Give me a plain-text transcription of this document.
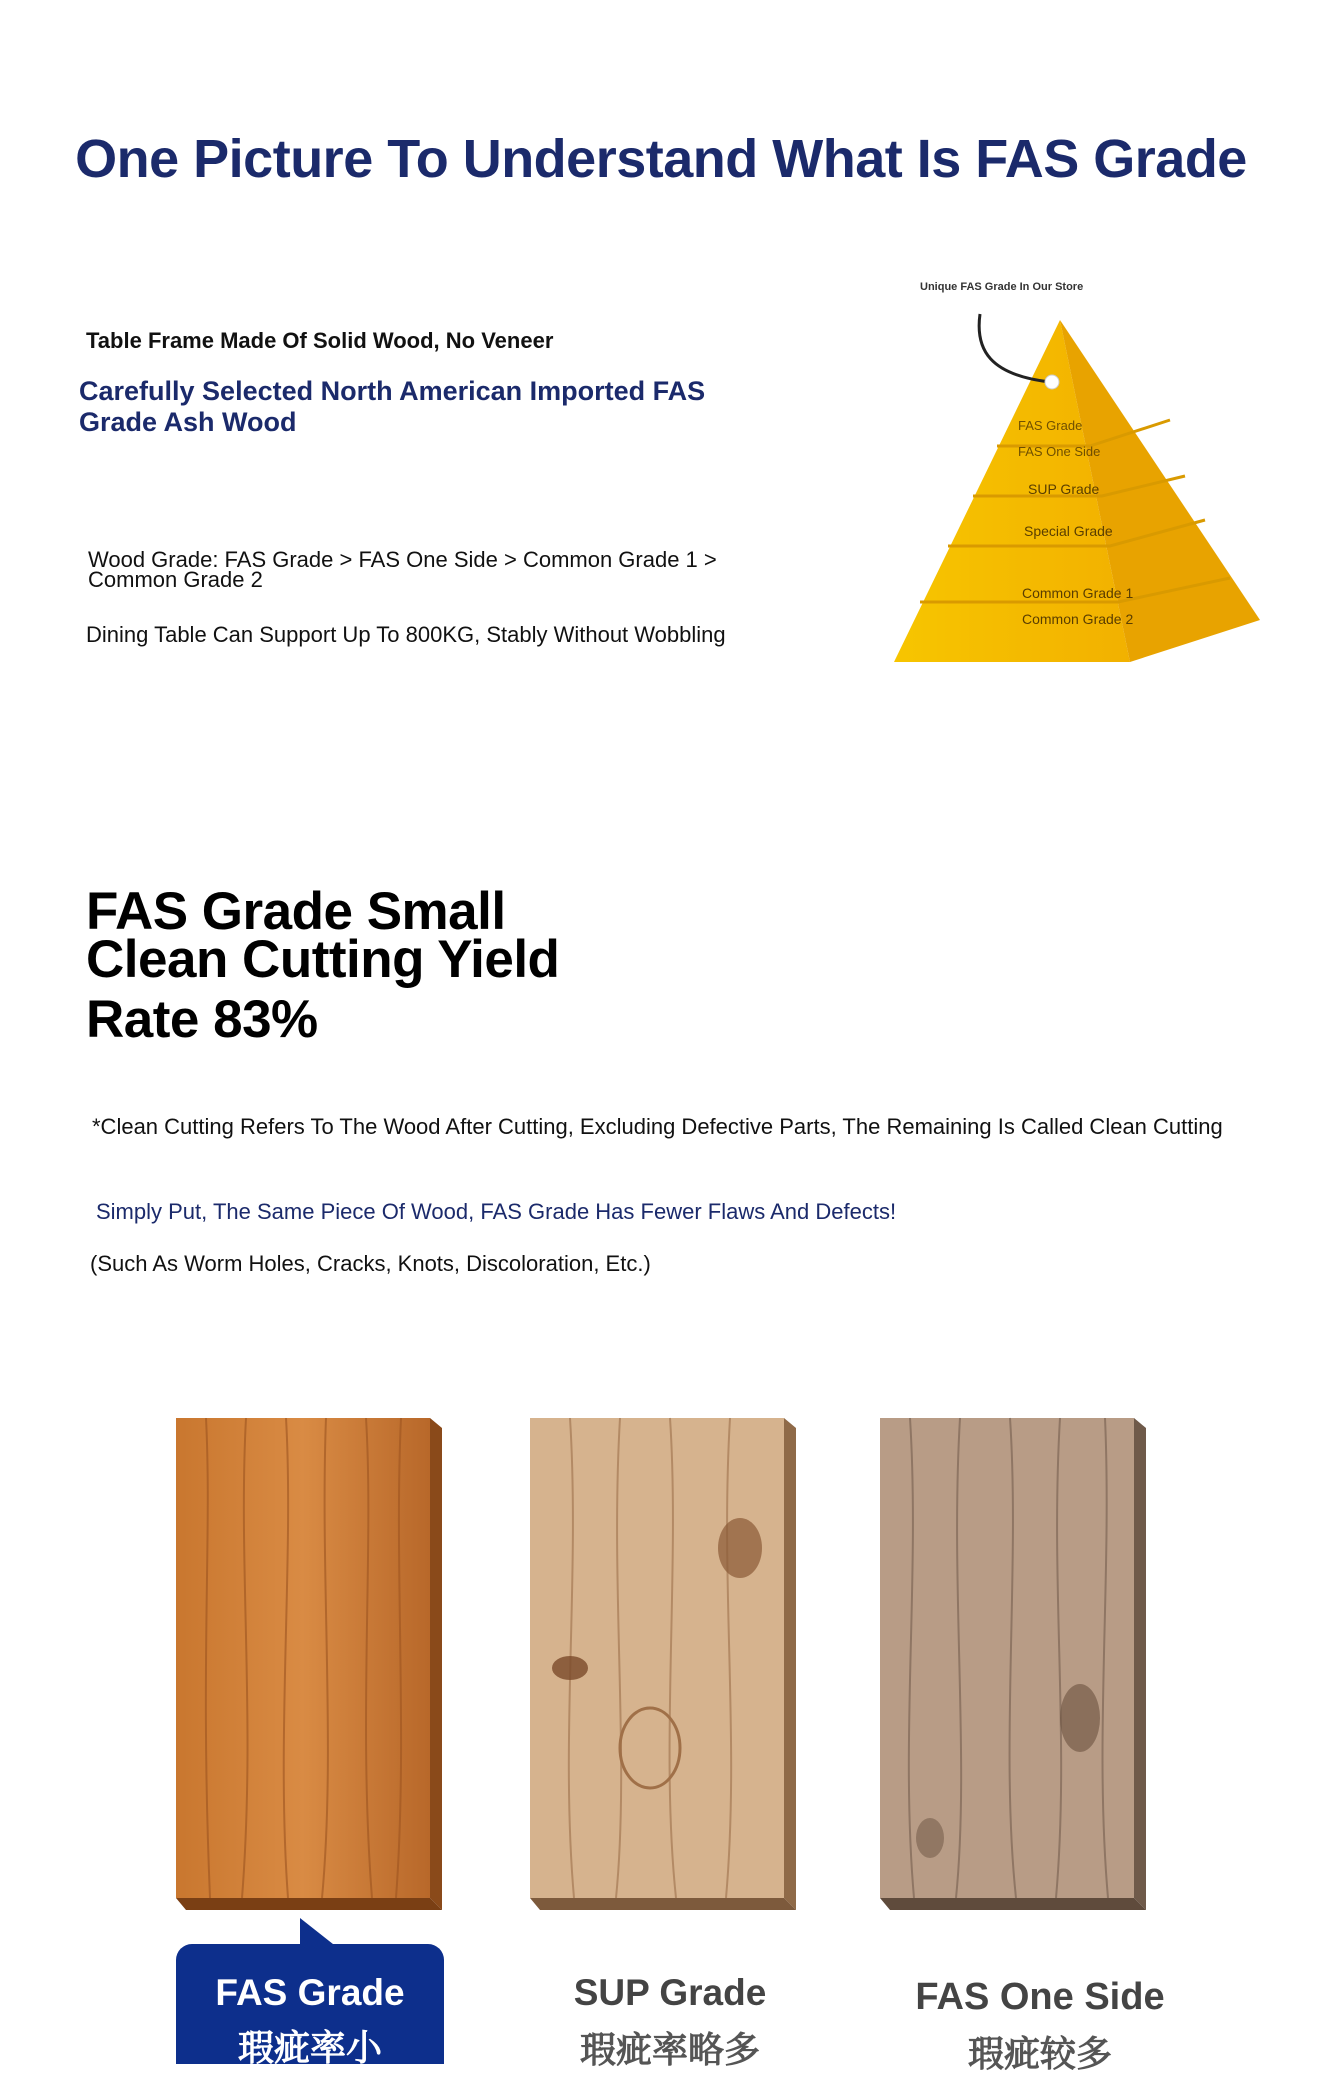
One Picture To Understand What Is FAS Grade
Table Frame Made Of Solid Wood, No Veneer
Carefully Selected North American Imported FAS Grade Ash Wood
Wood Grade: FAS Grade > FAS One Side > Common Grade 1 > Common Grade 2
Dining Table Can Support Up To 800KG, Stably Without Wobbling
Unique FAS Grade In Our Store
FAS Grade
FAS One Side
SUP Grade
Special Grade
Common Grade 1
Common Grade 2
FAS Grade Small
Clean Cutting Yield
Rate 83%
*Clean Cutting Refers To The Wood After Cutting, Excluding Defective Parts, The Remaining Is Called Clean Cutting
Simply Put, The Same Piece Of Wood, FAS Grade Has Fewer Flaws And Defects!
(Such As Worm Holes, Cracks, Knots, Discoloration, Etc.)
FAS Grade
瑕疵率小
SUP Grade
瑕疵率略多
FAS One Side
瑕疵较多
